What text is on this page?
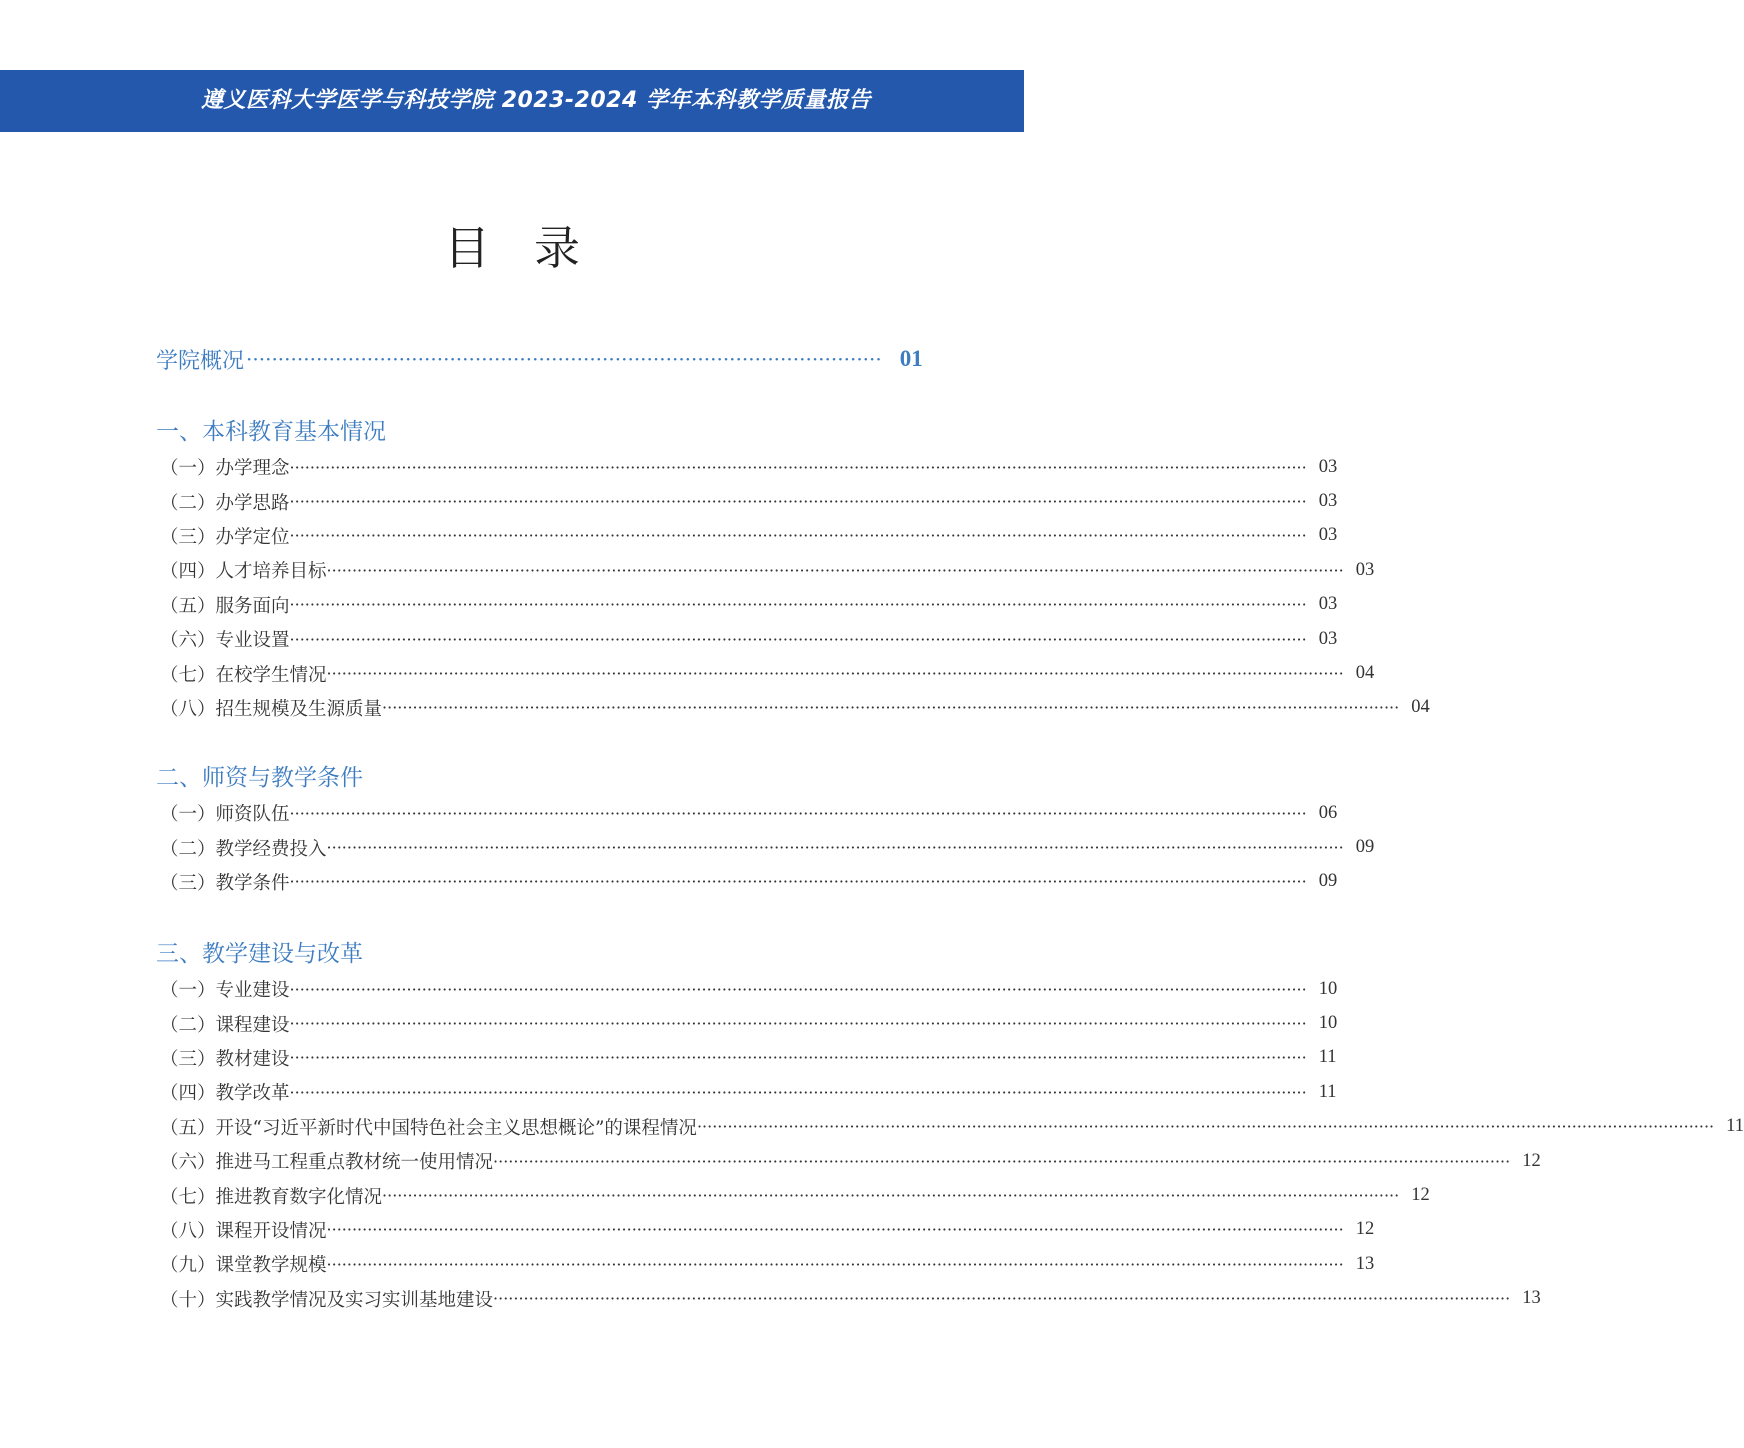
遵义医科大学医学与科技学院 2023-2024 学年本科教学质量报告
目录
学院概况 ···································································································· 01
一、本科教育基本情况
（一） 办学理念 ········································································································································································································ 03
（二） 办学思路 ········································································································································································································ 03
（三） 办学定位 ········································································································································································································ 03
（四） 人才培养目标 ········································································································································································································ 03
（五） 服务面向 ········································································································································································································ 03
（六） 专业设置 ········································································································································································································ 03
（七） 在校学生情况 ········································································································································································································ 04
（八） 招生规模及生源质量 ········································································································································································································ 04
二、师资与教学条件
（一） 师资队伍 ········································································································································································································ 06
（二） 教学经费投入 ········································································································································································································ 09
（三） 教学条件 ········································································································································································································ 09
三、教学建设与改革
（一） 专业建设 ········································································································································································································ 10
（二） 课程建设 ········································································································································································································ 10
（三） 教材建设 ········································································································································································································ 11
（四） 教学改革 ········································································································································································································ 11
（五） 开设“习近平新时代中国特色社会主义思想概论”的课程情况 ········································································································································································································ 11
（六） 推进马工程重点教材统一使用情况 ········································································································································································································ 12
（七） 推进教育数字化情况 ········································································································································································································ 12
（八） 课程开设情况 ········································································································································································································ 12
（九） 课堂教学规模 ········································································································································································································ 13
（十） 实践教学情况及实习实训基地建设 ········································································································································································································ 13
